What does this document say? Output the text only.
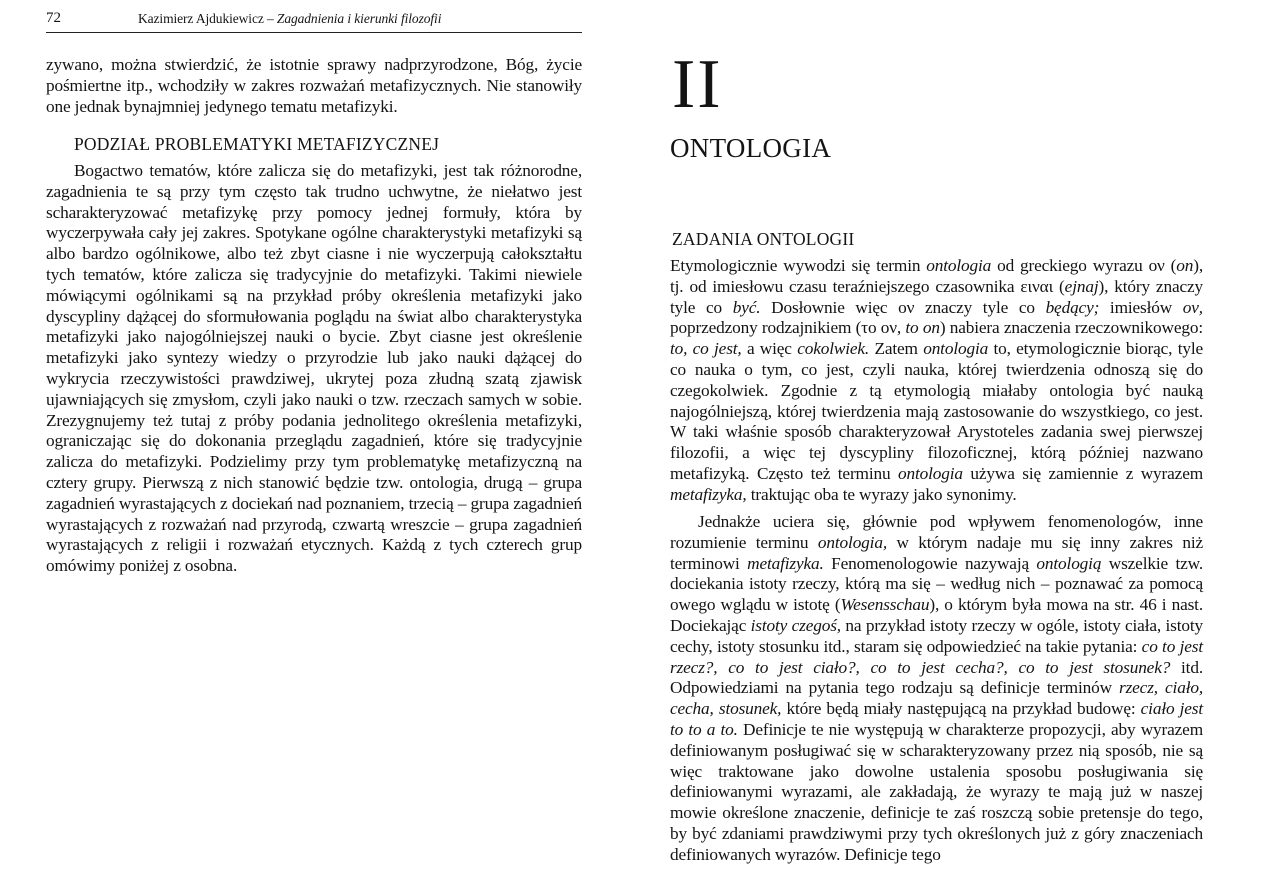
72	Kazimierz Ajdukiewicz – Zagadnienia i kierunki filozofii

zywano, można stwierdzić, że istotnie sprawy nadprzyrodzone, Bóg, życie pośmiertne itp., wchodziły w zakres rozważań metafizycznych. Nie stanowiły one jednak bynajmniej jedynego tematu metafizyki.

PODZIAŁ PROBLEMATYKI METAFIZYCZNEJ

Bogactwo tematów, które zalicza się do metafizyki, jest tak różnorodne, zagadnienia te są przy tym często tak trudno uchwytne, że niełatwo jest scharakteryzować metafizykę przy pomocy jednej formuły, która by wyczerpywała cały jej zakres. Spotykane ogólne charakterystyki metafizyki są albo bardzo ogólnikowe, albo też zbyt ciasne i nie wyczerpują całokształtu tych tematów, które zalicza się tradycyjnie do metafizyki. Takimi niewiele mówiącymi ogólnikami są na przykład próby określenia metafizyki jako dyscypliny dążącej do sformułowania poglądu na świat albo charakterystyka metafizyki jako najogólniejszej nauki o bycie. Zbyt ciasne jest określenie metafizyki jako syntezy wiedzy o przyrodzie lub jako nauki dążącej do wykrycia rzeczywistości prawdziwej, ukrytej poza złudną szatą zjawisk ujawniających się zmysłom, czyli jako nauki o tzw. rzeczach samych w sobie. Zrezygnujemy też tutaj z próby podania jednolitego określenia metafizyki, ograniczając się do dokonania przeglądu zagadnień, które się tradycyjnie zalicza do metafizyki. Podzielimy przy tym problematykę metafizyczną na cztery grupy. Pierwszą z nich stanowić będzie tzw. ontologia, drugą – grupa zagadnień wyrastających z dociekań nad poznaniem, trzecią – grupa zagadnień wyrastających z rozważań nad przyrodą, czwartą wreszcie – grupa zagadnień wyrastających z religii i rozważań etycznych. Każdą z tych czterech grup omówimy poniżej z osobna.

II
ONTOLOGIA
ZADANIA ONTOLOGII

Etymologicznie wywodzi się termin ontologia od greckiego wyrazu ον (on), tj. od imiesłowu czasu teraźniejszego czasownika ειναι (ejnaj), który znaczy tyle co być. Dosłownie więc ον znaczy tyle co będący; imiesłów ον, poprzedzony rodzajnikiem (το ον, to on) nabiera znaczenia rzeczownikowego: to, co jest, a więc cokolwiek. Zatem ontologia to, etymologicznie biorąc, tyle co nauka o tym, co jest, czyli nauka, której twierdzenia odnoszą się do czegokolwiek. Zgodnie z tą etymologią miałaby ontologia być nauką najogólniejszą, której twierdzenia mają zastosowanie do wszystkiego, co jest. W taki właśnie sposób charakteryzował Arystoteles zadania swej pierwszej filozofii, a więc tej dyscypliny filozoficznej, którą później nazwano metafizyką. Często też terminu ontologia używa się zamiennie z wyrazem metafizyka, traktując oba te wyrazy jako synonimy.

Jednakże uciera się, głównie pod wpływem fenomenologów, inne rozumienie terminu ontologia, w którym nadaje mu się inny zakres niż terminowi metafizyka. Fenomenologowie nazywają ontologią wszelkie tzw. dociekania istoty rzeczy, którą ma się – według nich – poznawać za pomocą owego wglądu w istotę (Wesensschau), o którym była mowa na str. 46 i nast. Dociekając istoty czegoś, na przykład istoty rzeczy w ogóle, istoty ciała, istoty cechy, istoty stosunku itd., staram się odpowiedzieć na takie pytania: co to jest rzecz?, co to jest ciało?, co to jest cecha?, co to jest stosunek? itd. Odpowiedziami na pytania tego rodzaju są definicje terminów rzecz, ciało, cecha, stosunek, które będą miały następującą na przykład budowę: ciało jest to to a to. Definicje te nie występują w charakterze propozycji, aby wyrazem definiowanym posługiwać się w scharakteryzowany przez nią sposób, nie są więc traktowane jako dowolne ustalenia sposobu posługiwania się definiowanymi wyrazami, ale zakładają, że wyrazy te mają już w naszej mowie określone znaczenie, definicje te zaś roszczą sobie pretensje do tego, by być zdaniami prawdziwymi przy tych określonych już z góry znaczeniach definiowanych wyrazów. Definicje tego
